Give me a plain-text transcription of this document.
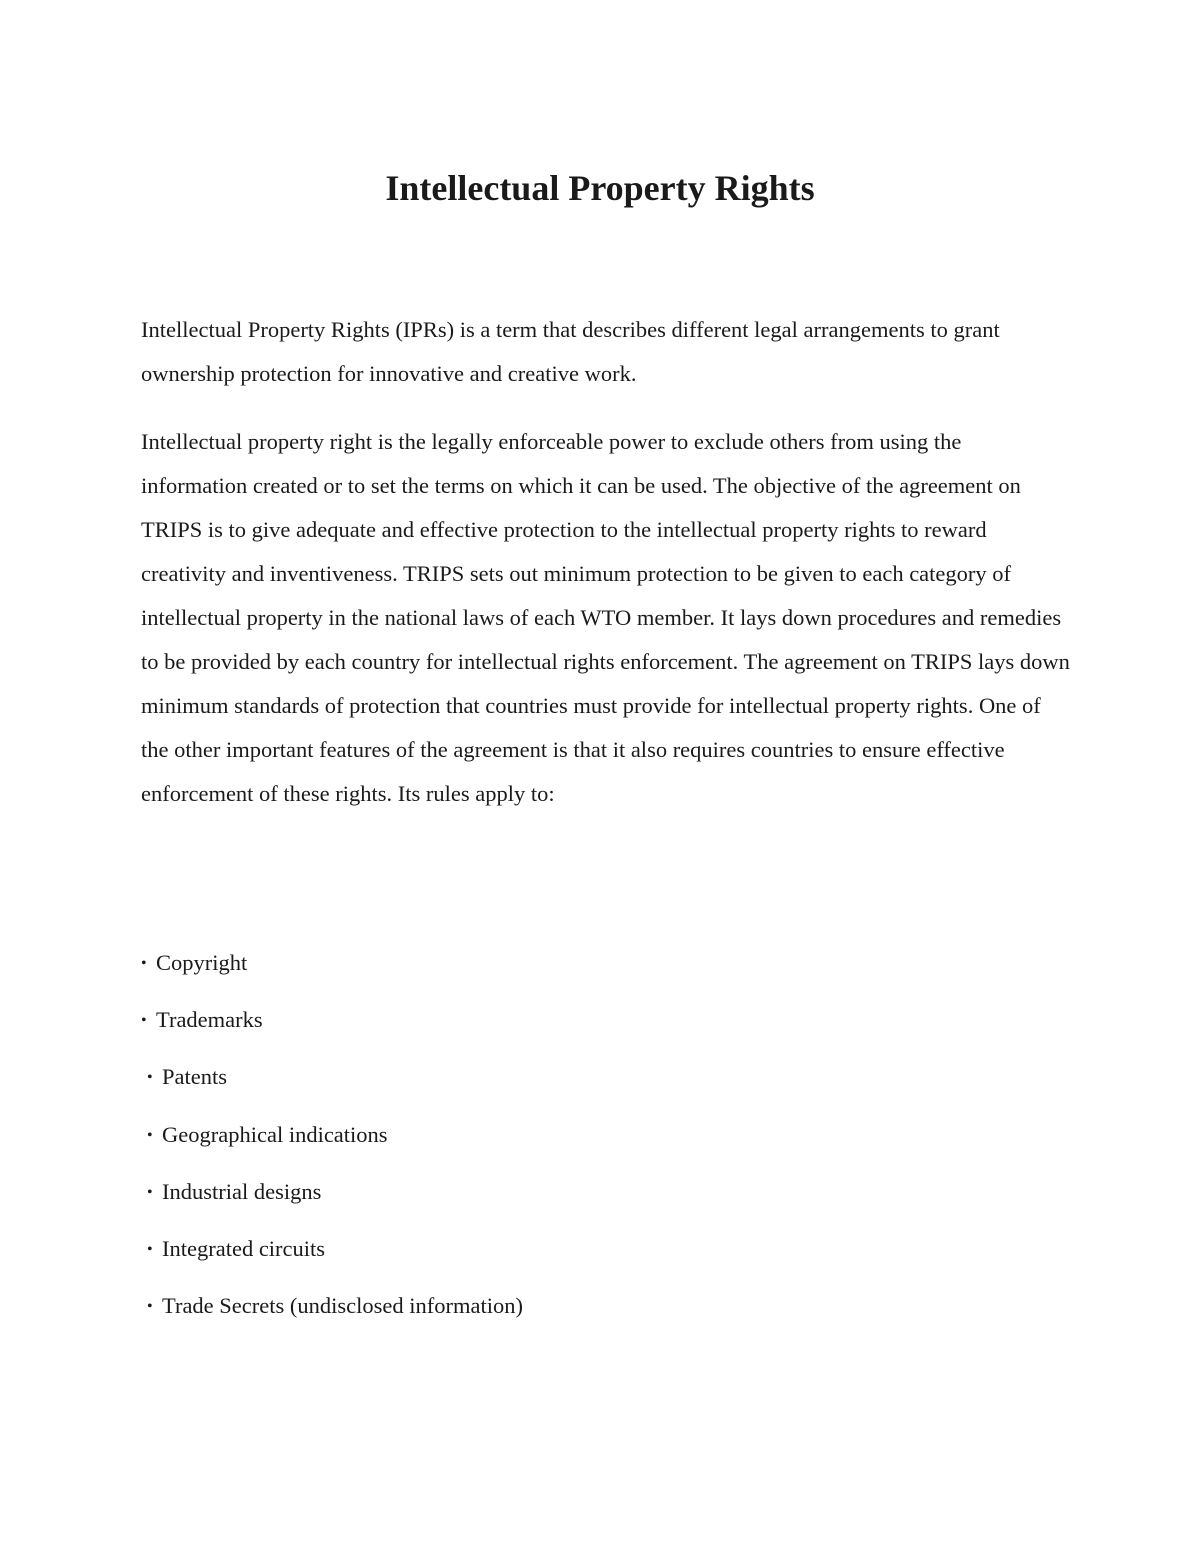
Intellectual Property Rights

Intellectual Property Rights (IPRs) is a term that describes different legal arrangements to grant ownership protection for innovative and creative work.

Intellectual property right is the legally enforceable power to exclude others from using the information created or to set the terms on which it can be used. The objective of the agreement on TRIPS is to give adequate and effective protection to the intellectual property rights to reward creativity and inventiveness. TRIPS sets out minimum protection to be given to each category of intellectual property in the national laws of each WTO member. It lays down procedures and remedies to be provided by each country for intellectual rights enforcement. The agreement on TRIPS lays down minimum standards of protection that countries must provide for intellectual property rights. One of the other important features of the agreement is that it also requires countries to ensure effective enforcement of these rights. Its rules apply to:

• Copyright
• Trademarks
• Patents
• Geographical indications
• Industrial designs
• Integrated circuits
• Trade Secrets (undisclosed information)
